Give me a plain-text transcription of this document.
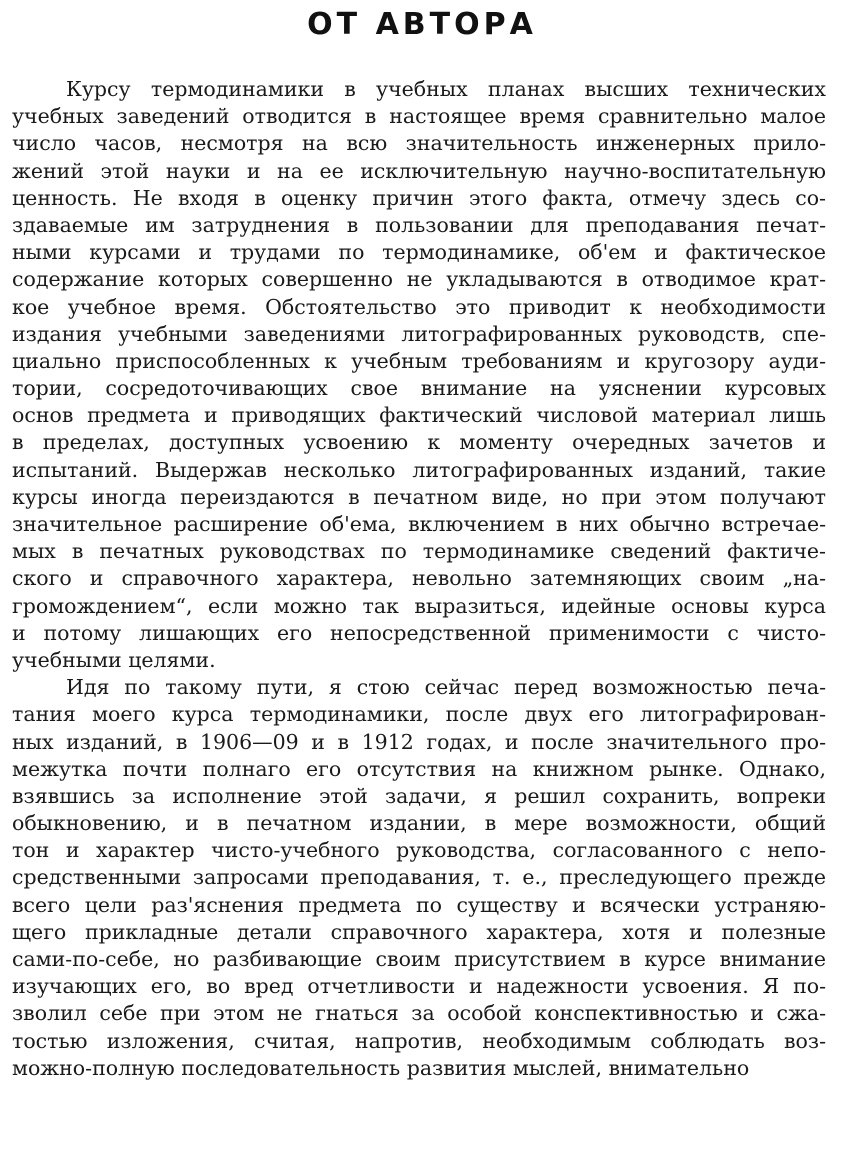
ОТ АВТОРА
Курсу термодинамики в учебных планах высших технических
учебных заведений отводится в настоящее время сравнительно малое
число часов, несмотря на всю значительность инженерных прило-
жений этой науки и на ее исключительную научно-воспитательную
ценность. Не входя в оценку причин этого факта, отмечу здесь со-
здаваемые им затруднения в пользовании для преподавания печат-
ными курсами и трудами по термодинамике, об'ем и фактическое
содержание которых совершенно не укладываются в отводимое крат-
кое учебное время. Обстоятельство это приводит к необходимости
издания учебными заведениями литографированных руководств, спе-
циально приспособленных к учебным требованиям и кругозору ауди-
тории, сосредоточивающих свое внимание на уяснении курсовых
основ предмета и приводящих фактический числовой материал лишь
в пределах, доступных усвоению к моменту очередных зачетов и
испытаний. Выдержав несколько литографированных изданий, такие
курсы иногда переиздаются в печатном виде, но при этом получают
значительное расширение об'ема, включением в них обычно встречае-
мых в печатных руководствах по термодинамике сведений фактиче-
ского и справочного характера, невольно затемняющих своим „на-
громождением“, если можно так выразиться, идейные основы курса
и потому лишающих его непосредственной применимости с чисто-
учебными целями.
Идя по такому пути, я стою сейчас перед возможностью печа-
тания моего курса термодинамики, после двух его литографирован-
ных изданий, в 1906—09 и в 1912 годах, и после значительного про-
межутка почти полнаго его отсутствия на книжном рынке. Однако,
взявшись за исполнение этой задачи, я решил сохранить, вопреки
обыкновению, и в печатном издании, в мере возможности, общий
тон и характер чисто-учебного руководства, согласованного с непо-
средственными запросами преподавания, т. е., преследующего прежде
всего цели раз'яснения предмета по существу и всячески устраняю-
щего прикладные детали справочного характера, хотя и полезные
сами-по-себе, но разбивающие своим присутствием в курсе внимание
изучающих его, во вред отчетливости и надежности усвоения. Я по-
зволил себе при этом не гнаться за особой конспективностью и сжа-
тостью изложения, считая, напротив, необходимым соблюдать воз-
можно-полную последовательность развития мыслей, внимательно
